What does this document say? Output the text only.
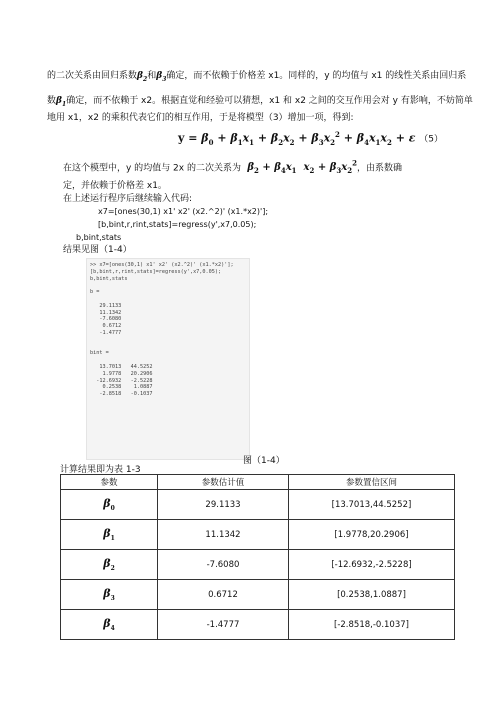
的二次关系由回归系数$\beta_2$和$\beta_3$确定，而不依赖于价格差 x1。同样的，y 的均值与 x1 的线性关系由回归系
数$\beta_1$确定，而不依赖于 x2。根据直觉和经验可以猜想，x1 和 x2 之间的交互作用会对 y 有影响，不妨简单
地用 x1，x2 的乘积代表它们的相互作用，于是将模型（3）增加一项，得到:
$y = \beta_0 + \beta_1x_1 + \beta_2x_2 + \beta_3x_2^2 + \beta_4x_1x_2 + \varepsilon$ （5）
在这个模型中，y 的均值与 2x 的二次关系为 $\beta_2 + \beta_4x_1$ $x_2 + \beta_3x_2^2$，由系数确
定，并依赖于价格差 x1。
在上述运行程序后继续输入代码:
x7=[ones(30,1) x1' x2' (x2.^2)' (x1.*x2)'];
[b,bint,r,rint,stats]=regress(y',x7,0.05);
b,bint,stats
结果见图（1-4）
>> x7=[ones(30,1) x1' x2' (x2.^2)' (x1.*x2)'];
[b,bint,r,rint,stats]=regress(y',x7,0.05);
b,bint,stats

b =

29.1133
11.1342
-7.6080
0.6712
-1.4777

bint =

13.7013   44.5252
1.9778   20.2906
-12.6932   -2.5228
0.2538    1.0887
-2.8518   -0.1037
图（1-4）
计算结果即为表 1-3
参数	参数估计值	参数置信区间
$\beta_0$	29.1133	[13.7013,44.5252]
$\beta_1$	11.1342	[1.9778,20.2906]
$\beta_2$	-7.6080	[-12.6932,-2.5228]
$\beta_3$	0.6712	[0.2538,1.0887]
$\beta_4$	-1.4777	[-2.8518,-0.1037]
